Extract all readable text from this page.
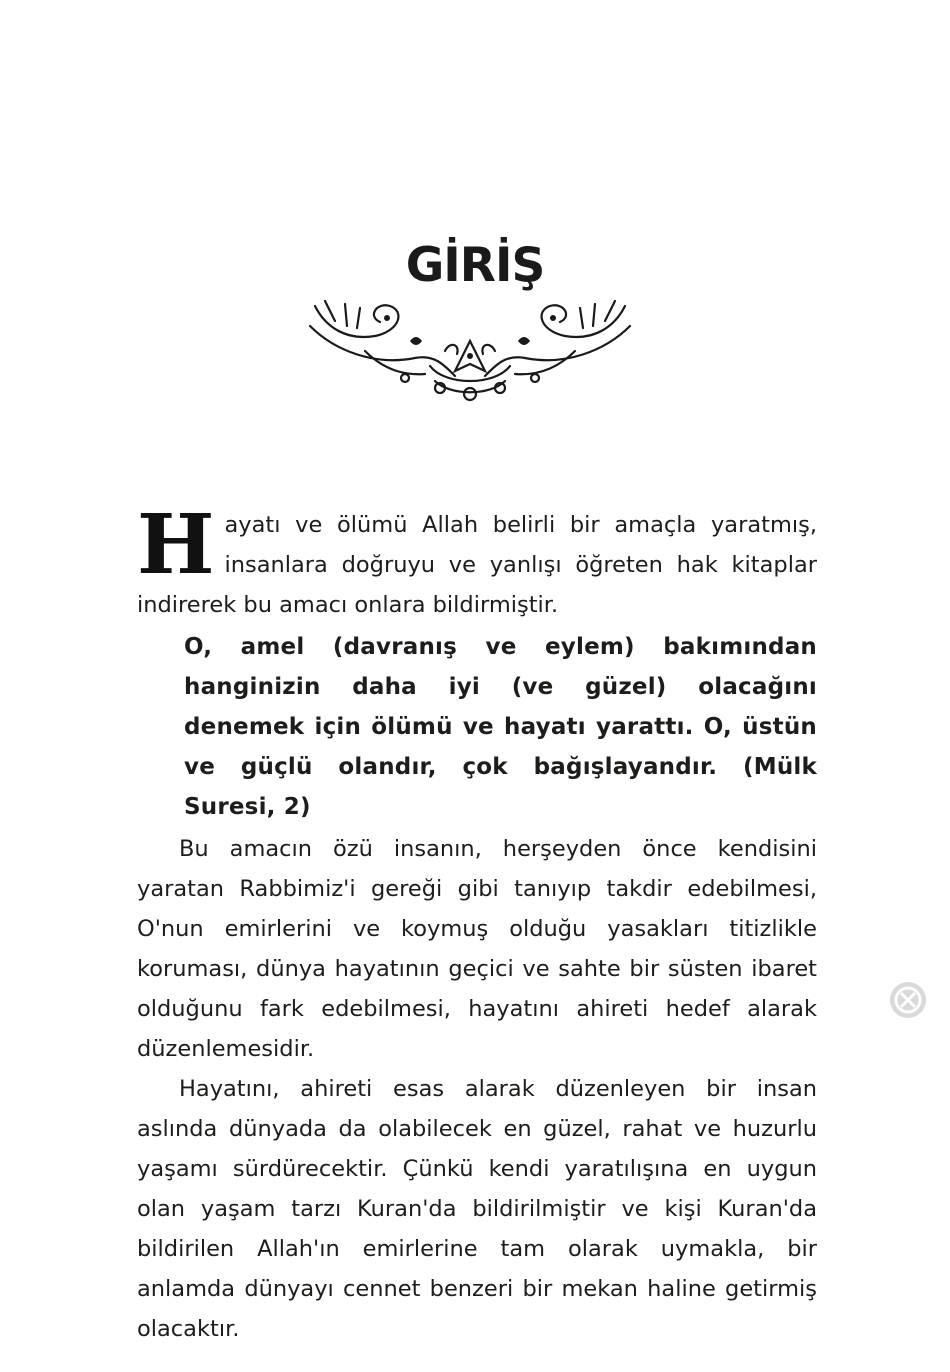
GİRİŞ

Hayatı ve ölümü Allah belirli bir amaçla yaratmış, insanlara doğruyu ve yanlışı öğreten hak kitaplar indirerek bu amacı onlara bildirmiştir.

O, amel (davranış ve eylem) bakımından hanginizin daha iyi (ve güzel) olacağını denemek için ölümü ve hayatı yarattı. O, üstün ve güçlü olandır, çok bağışlayandır. (Mülk Suresi, 2)

Bu amacın özü insanın, herşeyden önce kendisini yaratan Rabbimiz'i gereği gibi tanıyıp takdir edebilmesi, O'nun emirlerini ve koymuş olduğu yasakları titizlikle koruması, dünya hayatının geçici ve sahte bir süsten ibaret olduğunu fark edebilmesi, hayatını ahireti hedef alarak düzenlemesidir.

Hayatını, ahireti esas alarak düzenleyen bir insan aslında dünyada da olabilecek en güzel, rahat ve huzurlu yaşamı sürdürecektir. Çünkü kendi yaratılışına en uygun olan yaşam tarzı Kuran'da bildirilmiştir ve kişi Kuran'da bildirilen Allah'ın emirlerine tam olarak uymakla, bir anlamda dünyayı cennet benzeri bir mekan haline getirmiş olacaktır.
